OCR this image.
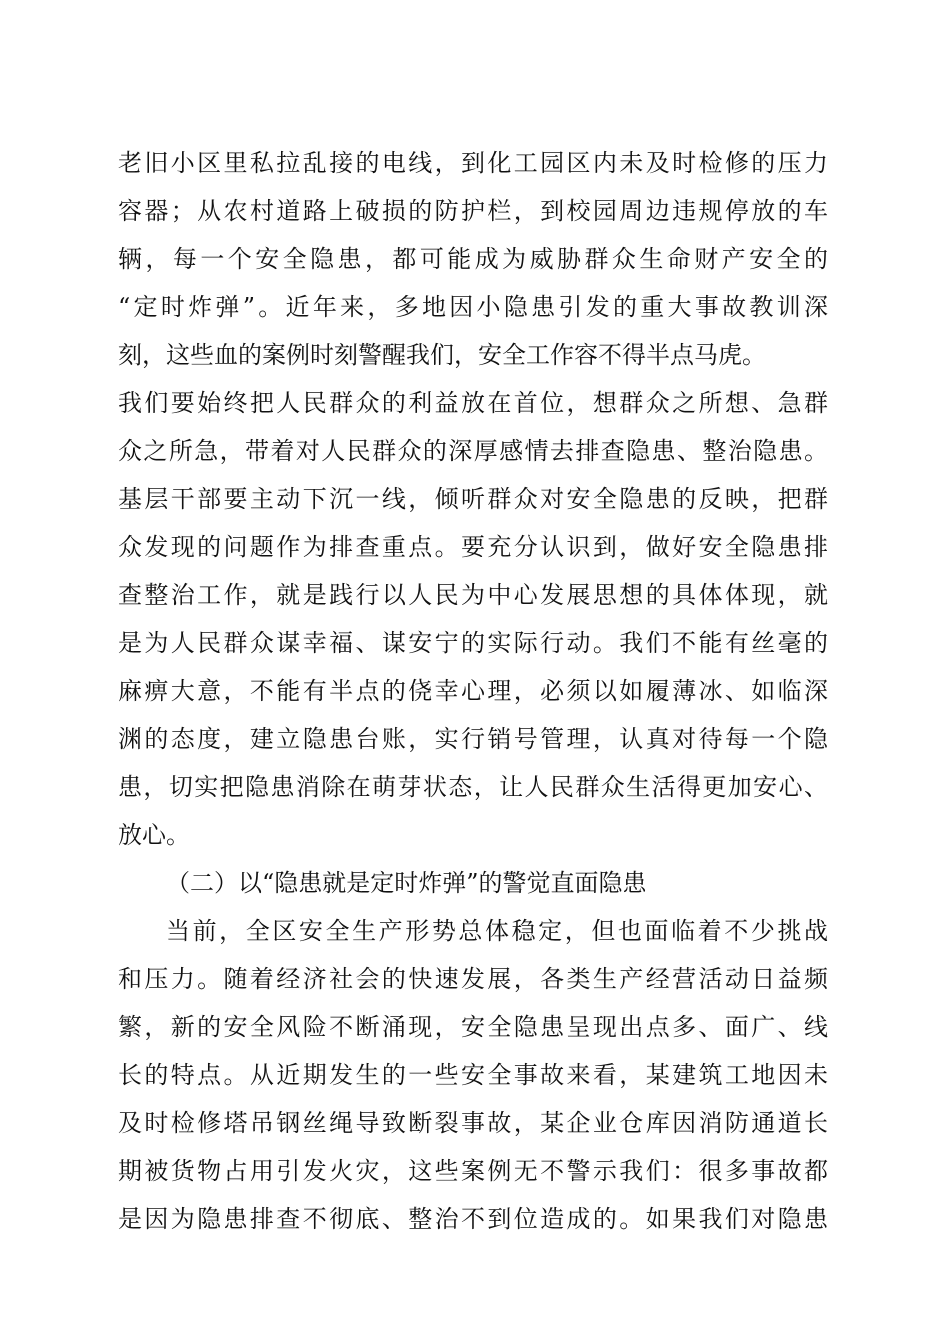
老旧小区里私拉乱接的电线，到化工园区内未及时检修的压力
容器；从农村道路上破损的防护栏，到校园周边违规停放的车
辆，每一个安全隐患，都可能成为威胁群众生命财产安全的
“定时炸弹”。近年来，多地因小隐患引发的重大事故教训深
刻，这些血的案例时刻警醒我们，安全工作容不得半点马虎。
我们要始终把人民群众的利益放在首位，想群众之所想、急群
众之所急，带着对人民群众的深厚感情去排查隐患、整治隐患。
基层干部要主动下沉一线，倾听群众对安全隐患的反映，把群
众发现的问题作为排查重点。要充分认识到，做好安全隐患排
查整治工作，就是践行以人民为中心发展思想的具体体现，就
是为人民群众谋幸福、谋安宁的实际行动。我们不能有丝毫的
麻痹大意，不能有半点的侥幸心理，必须以如履薄冰、如临深
渊的态度，建立隐患台账，实行销号管理，认真对待每一个隐
患，切实把隐患消除在萌芽状态，让人民群众生活得更加安心、
放心。
（二）以“隐患就是定时炸弹”的警觉直面隐患
当前，全区安全生产形势总体稳定，但也面临着不少挑战
和压力。随着经济社会的快速发展，各类生产经营活动日益频
繁，新的安全风险不断涌现，安全隐患呈现出点多、面广、线
长的特点。从近期发生的一些安全事故来看，某建筑工地因未
及时检修塔吊钢丝绳导致断裂事故，某企业仓库因消防通道长
期被货物占用引发火灾，这些案例无不警示我们：很多事故都
是因为隐患排查不彻底、整治不到位造成的。如果我们对隐患
